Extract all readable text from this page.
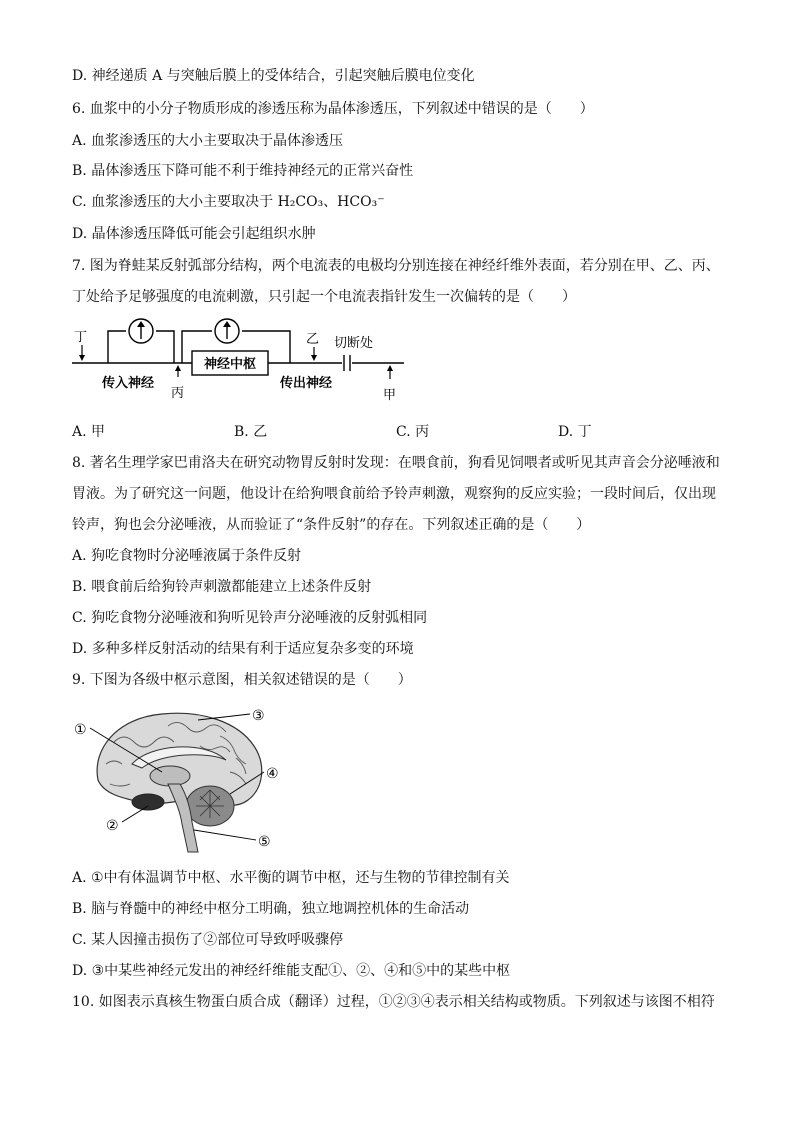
D. 神经递质 A 与突触后膜上的受体结合，引起突触后膜电位变化
6. 血浆中的小分子物质形成的渗透压称为晶体渗透压，下列叙述中错误的是（　　）
A. 血浆渗透压的大小主要取决于晶体渗透压
B. 晶体渗透压下降可能不利于维持神经元的正常兴奋性
C. 血浆渗透压的大小主要取决于 H₂CO₃、HCO₃⁻
D. 晶体渗透压降低可能会引起组织水肿
7. 图为脊蛙某反射弧部分结构，两个电流表的电极均分别连接在神经纤维外表面，若分别在甲、乙、丙、
丁处给予足够强度的电流刺激，只引起一个电流表指针发生一次偏转的是（　　）
神经中枢
丁
丙
乙 切断处
甲
传入神经	传出神经
A. 甲	B. 乙	C. 丙	D. 丁
8. 著名生理学家巴甫洛夫在研究动物胃反射时发现：在喂食前，狗看见饲喂者或听见其声音会分泌唾液和
胃液。为了研究这一问题，他设计在给狗喂食前给予铃声刺激，观察狗的反应实验；一段时间后，仅出现
铃声，狗也会分泌唾液，从而验证了“条件反射”的存在。下列叙述正确的是（　　）
A. 狗吃食物时分泌唾液属于条件反射
B. 喂食前后给狗铃声刺激都能建立上述条件反射
C. 狗吃食物分泌唾液和狗听见铃声分泌唾液的反射弧相同
D. 多种多样反射活动的结果有利于适应复杂多变的环境
9. 下图为各级中枢示意图，相关叙述错误的是（　　）
①
③
④
②
⑤
A. ①中有体温调节中枢、水平衡的调节中枢，还与生物的节律控制有关
B. 脑与脊髓中的神经中枢分工明确，独立地调控机体的生命活动
C. 某人因撞击损伤了②部位可导致呼吸骤停
D. ③中某些神经元发出的神经纤维能支配①、②、④和⑤中的某些中枢
10. 如图表示真核生物蛋白质合成（翻译）过程，①②③④表示相关结构或物质。下列叙述与该图不相符
